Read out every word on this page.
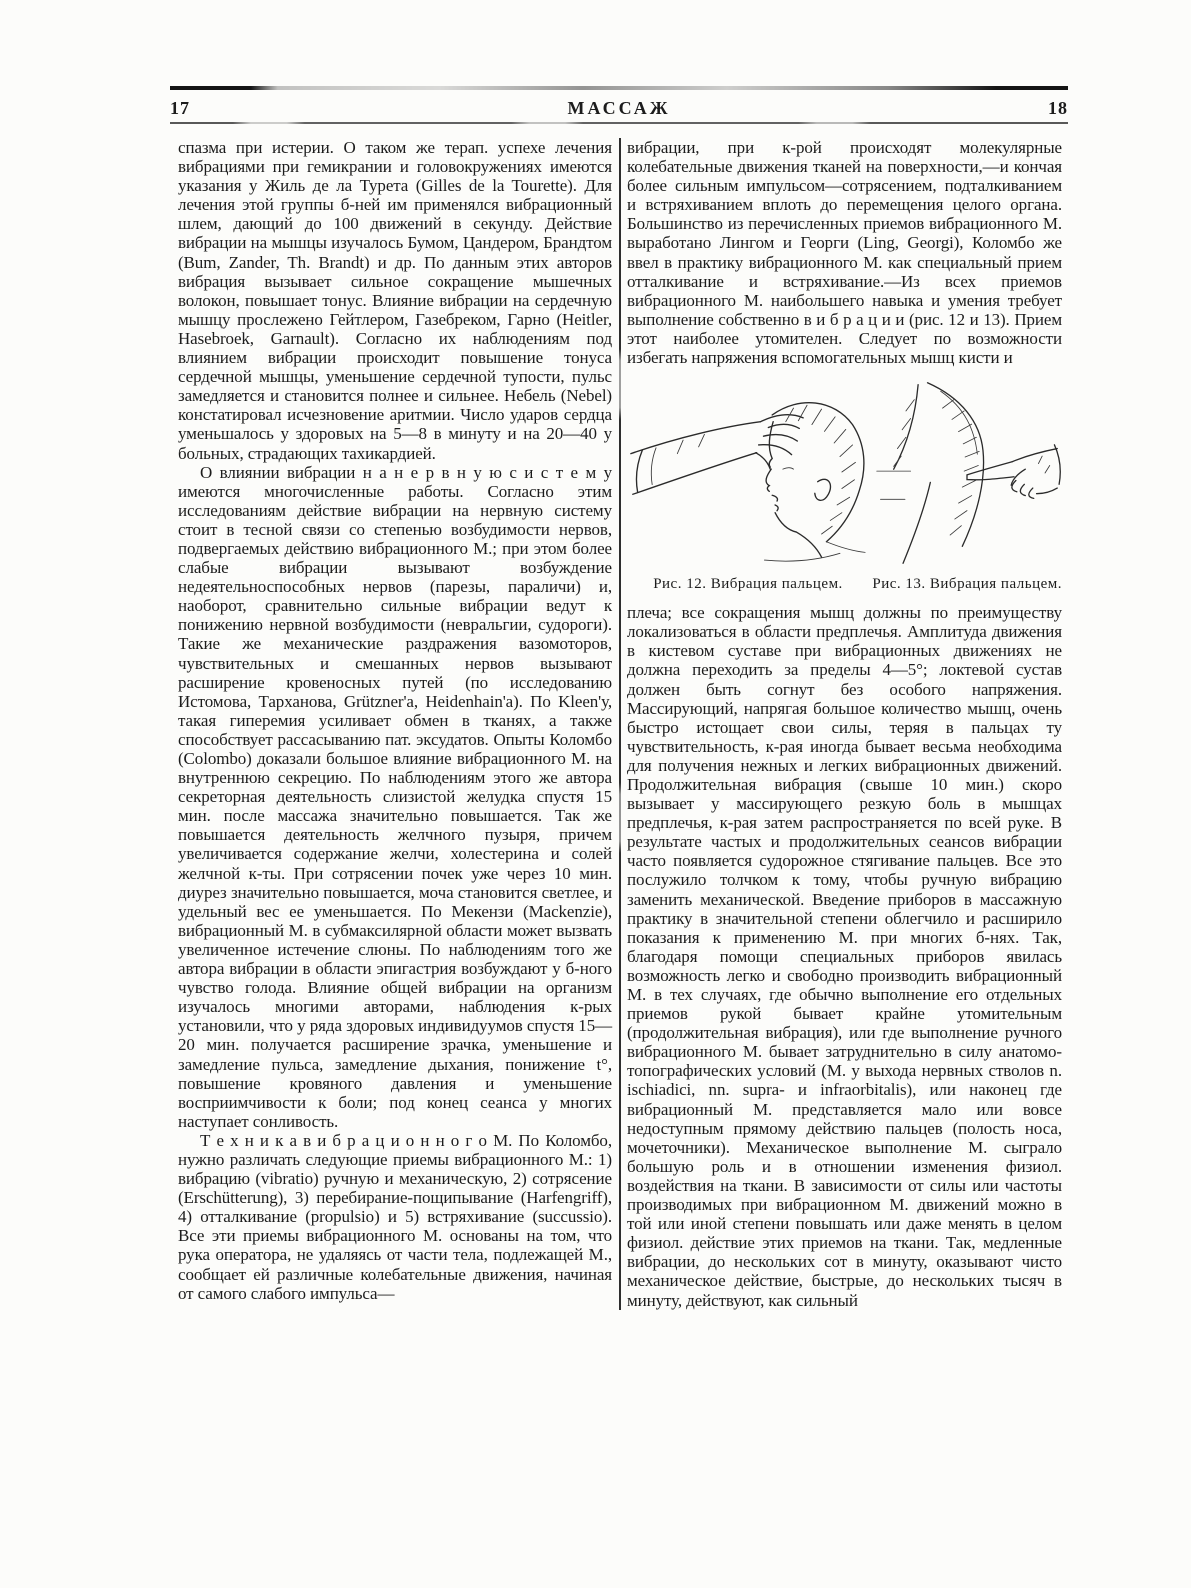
17	МАССАЖ	18

спазма при истерии. О таком же терап. успехе лечения вибрациями при гемикрании и головокружениях имеются указания у Жиль де ла Турета (Gilles de la Tourette). Для лечения этой группы б-ней им применялся вибрационный шлем, дающий до 100 движений в секунду. Действие вибрации на мышцы изучалось Бумом, Цандером, Брандтом (Bum, Zander, Th. Brandt) и др. По данным этих авторов вибрация вызывает сильное сокращение мышечных волокон, повышает тонус. Влияние вибрации на сердечную мышцу прослежено Гейтлером, Газебреком, Гарно (Heitler, Hasebroek, Garnault). Согласно их наблюдениям под влиянием вибрации происходит повышение тонуса сердечной мышцы, уменьшение сердечной тупости, пульс замедляется и становится полнее и сильнее. Небель (Nebel) констатировал исчезновение аритмии. Число ударов сердца уменьшалось у здоровых на 5—8 в минуту и на 20—40 у больных, страдающих тахикардией.

О влиянии вибрации н а н е р в н у ю с и с т е м у имеются многочисленные работы. Согласно этим исследованиям действие вибрации на нервную систему стоит в тесной связи со степенью возбудимости нервов, подвергаемых действию вибрационного М.; при этом более слабые вибрации вызывают возбуждение недеятельноспособных нервов (парезы, параличи) и, наоборот, сравнительно сильные вибрации ведут к понижению нервной возбудимости (невральгии, судороги). Такие же механические раздражения вазомоторов, чувствительных и смешанных нервов вызывают расширение кровеносных путей (по исследованию Истомова, Тарханова, Grützner'a, Heidenhain'a). По Kleen'у, такая гиперемия усиливает обмен в тканях, а также способствует рассасыванию пат. эксудатов. Опыты Коломбо (Colombo) доказали большое влияние вибрационного М. на внутреннюю секрецию. По наблюдениям этого же автора секреторная деятельность слизистой желудка спустя 15 мин. после массажа значительно повышается. Так же повышается деятельность желчного пузыря, причем увеличивается содержание желчи, холестерина и солей желчной к-ты. При сотрясении почек уже через 10 мин. диурез значительно повышается, моча становится светлее, и удельный вес ее уменьшается. По Мекензи (Mackenzie), вибрационный М. в субмаксилярной области может вызвать увеличенное истечение слюны. По наблюдениям того же автора вибрации в области эпигастрия возбуждают у б-ного чувство голода. Влияние общей вибрации на организм изучалось многими авторами, наблюдения к-рых установили, что у ряда здоровых индивидуумов спустя 15—20 мин. получается расширение зрачка, уменьшение и замедление пульса, замедление дыхания, понижение t°, повышение кровяного давления и уменьшение восприимчивости к боли; под конец сеанса у многих наступает сонливость.

Т е х н и к а в и б р а ц и о н н о г о М. По Коломбо, нужно различать следующие приемы вибрационного М.: 1) вибрацию (vibratio) ручную и механическую, 2) сотрясение (Erschütterung), 3) перебирание-пощипывание (Harfengriff), 4) отталкивание (propulsio) и 5) встряхивание (succussio). Все эти приемы вибрационного М. основаны на том, что рука оператора, не удаляясь от части тела, подлежащей М., сообщает ей различные колебательные движения, начиная от самого слабого импульса—

вибрации, при к-рой происходят молекулярные колебательные движения тканей на поверхности,—и кончая более сильным импульсом—сотрясением, подталкиванием и встряхиванием вплоть до перемещения целого органа. Большинство из перечисленных приемов вибрационного М. выработано Лингом и Георги (Ling, Georgi), Коломбо же ввел в практику вибрационного М. как специальный прием отталкивание и встряхивание.—Из всех приемов вибрационного М. наибольшего навыка и умения требует выполнение собственно в и б р а ц и и (рис. 12 и 13). Прием этот наиболее утомителен. Следует по возможности избегать напряжения вспомогательных мышц кисти и

Рис. 12. Вибрация пальцем.	Рис. 13. Вибрация пальцем.

плеча; все сокращения мышц должны по преимуществу локализоваться в области предплечья. Амплитуда движения в кистевом суставе при вибрационных движениях не должна переходить за пределы 4—5°; локтевой сустав должен быть согнут без особого напряжения. Массирующий, напрягая большое количество мышц, очень быстро истощает свои силы, теряя в пальцах ту чувствительность, к-рая иногда бывает весьма необходима для получения нежных и легких вибрационных движений. Продолжительная вибрация (свыше 10 мин.) скоро вызывает у массирующего резкую боль в мышцах предплечья, к-рая затем распространяется по всей руке. В результате частых и продолжительных сеансов вибрации часто появляется судорожное стягивание пальцев. Все это послужило толчком к тому, чтобы ручную вибрацию заменить механической. Введение приборов в массажную практику в значительной степени облегчило и расширило показания к применению М. при многих б-нях. Так, благодаря помощи специальных приборов явилась возможность легко и свободно производить вибрационный М. в тех случаях, где обычно выполнение его отдельных приемов рукой бывает крайне утомительным (продолжительная вибрация), или где выполнение ручного вибрационного М. бывает затруднительно в силу анатомо-топографических условий (М. у выхода нервных стволов n. ischiadici, nn. supra- и infraorbitalis), или наконец где вибрационный М. представляется мало или вовсе недоступным прямому действию пальцев (полость носа, мочеточники). Механическое выполнение М. сыграло большую роль и в отношении изменения физиол. воздействия на ткани. В зависимости от силы или частоты производимых при вибрационном М. движений можно в той или иной степени повышать или даже менять в целом физиол. действие этих приемов на ткани. Так, медленные вибрации, до нескольких сот в минуту, оказывают чисто механическое действие, быстрые, до нескольких тысяч в минуту, действуют, как сильный
